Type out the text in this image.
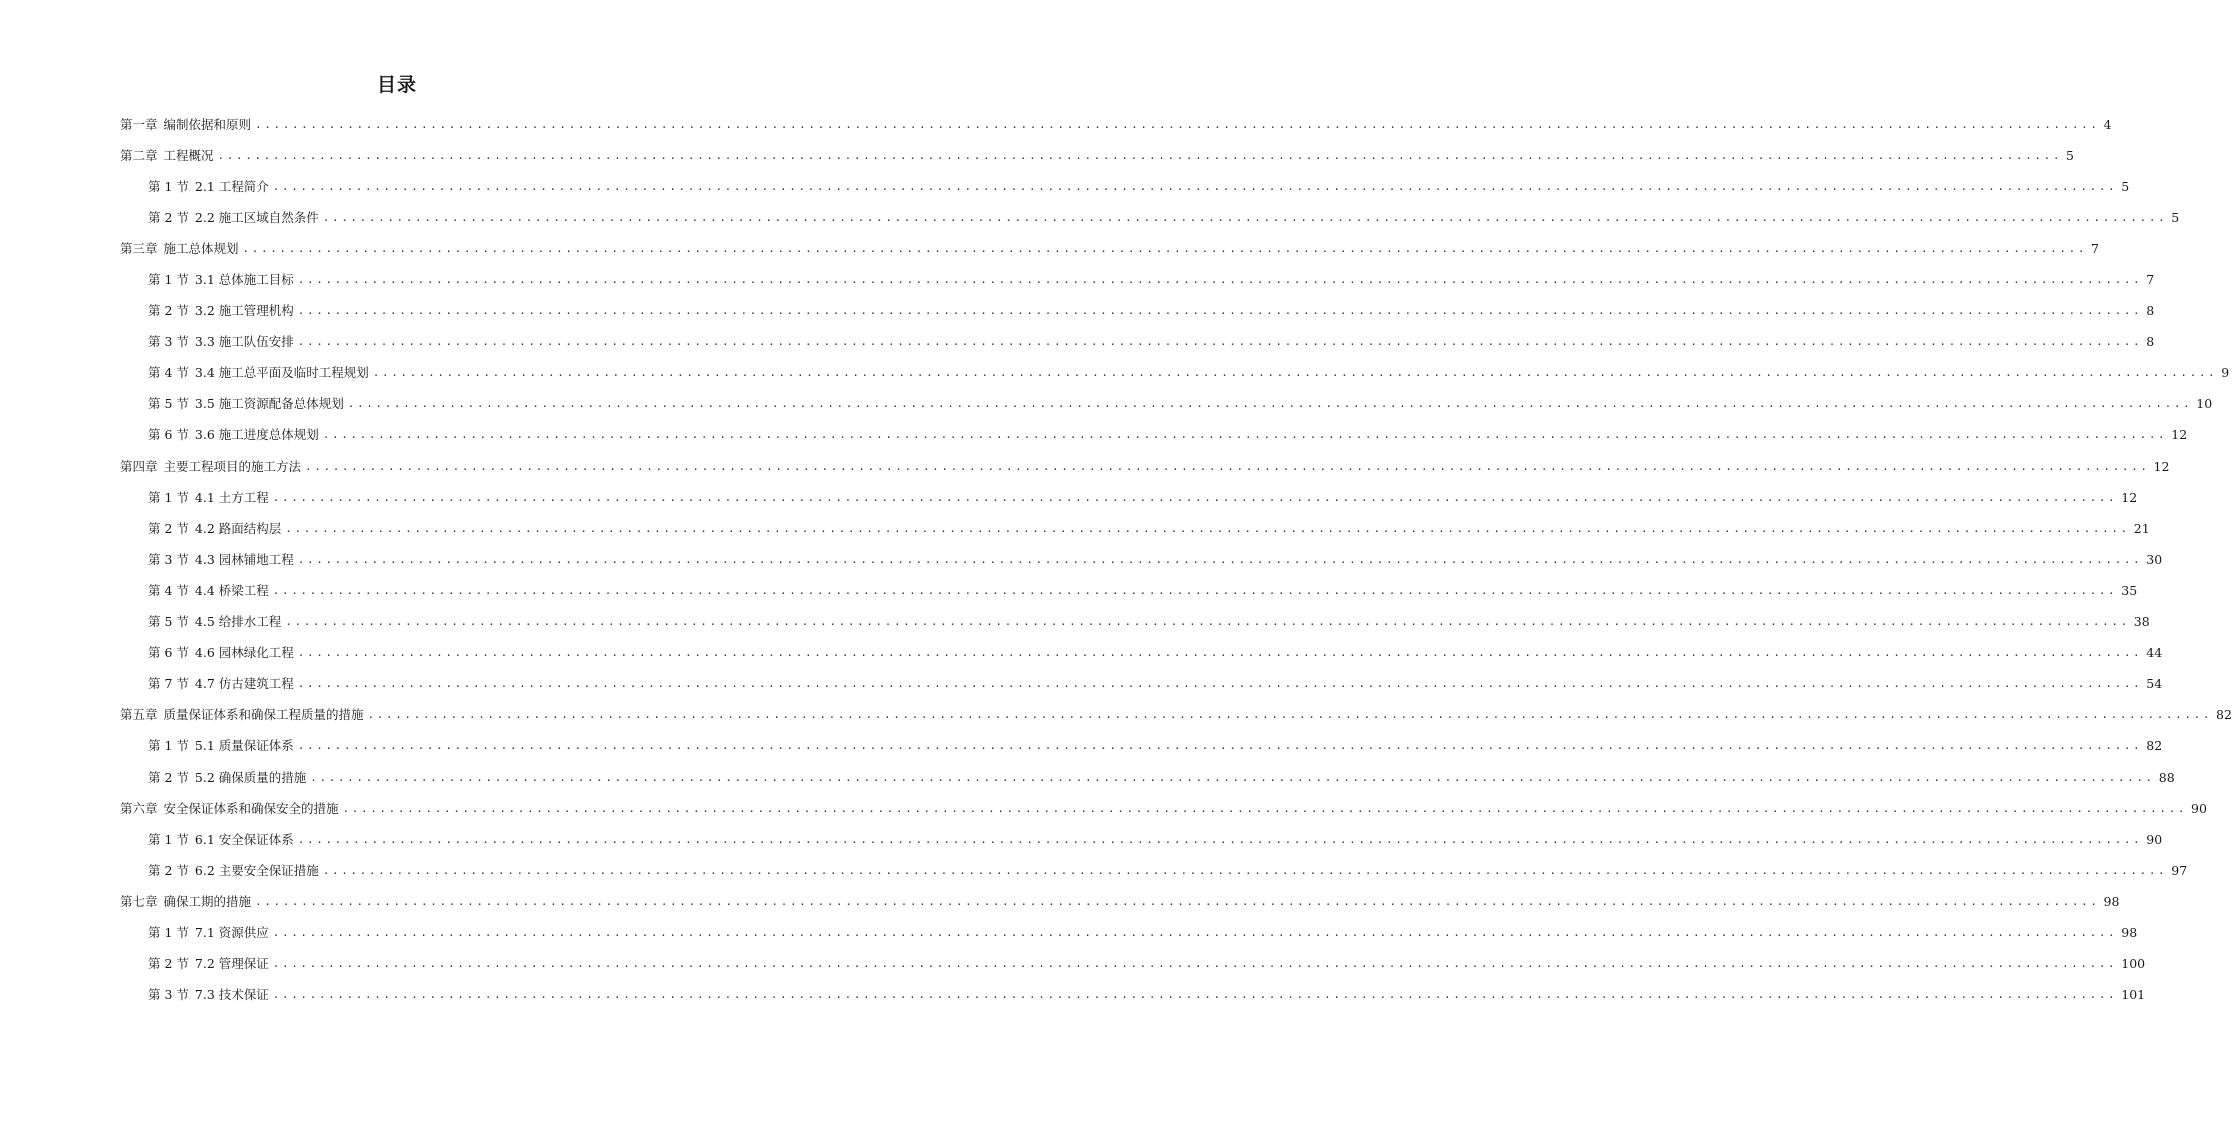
目录
第一章 编制依据和原则 ........................................................................................................................................................................................................ 4
第二章 工程概况 ........................................................................................................................................................................................................ 5
第 1 节 2.1 工程简介 ........................................................................................................................................................................................................ 5
第 2 节 2.2 施工区域自然条件 ........................................................................................................................................................................................................ 5
第三章 施工总体规划 ........................................................................................................................................................................................................ 7
第 1 节 3.1 总体施工目标 ........................................................................................................................................................................................................ 7
第 2 节 3.2 施工管理机构 ........................................................................................................................................................................................................ 8
第 3 节 3.3 施工队伍安排 ........................................................................................................................................................................................................ 8
第 4 节 3.4 施工总平面及临时工程规划 ........................................................................................................................................................................................................ 9
第 5 节 3.5 施工资源配备总体规划 ........................................................................................................................................................................................................ 10
第 6 节 3.6 施工进度总体规划 ........................................................................................................................................................................................................ 12
第四章 主要工程项目的施工方法 ........................................................................................................................................................................................................ 12
第 1 节 4.1 土方工程 ........................................................................................................................................................................................................ 12
第 2 节 4.2 路面结构层 ........................................................................................................................................................................................................ 21
第 3 节 4.3 园林铺地工程 ........................................................................................................................................................................................................ 30
第 4 节 4.4 桥梁工程 ........................................................................................................................................................................................................ 35
第 5 节 4.5 给排水工程 ........................................................................................................................................................................................................ 38
第 6 节 4.6 园林绿化工程 ........................................................................................................................................................................................................ 44
第 7 节 4.7 仿古建筑工程 ........................................................................................................................................................................................................ 54
第五章 质量保证体系和确保工程质量的措施 ........................................................................................................................................................................................................ 82
第 1 节 5.1 质量保证体系 ........................................................................................................................................................................................................ 82
第 2 节 5.2 确保质量的措施 ........................................................................................................................................................................................................ 88
第六章 安全保证体系和确保安全的措施 ........................................................................................................................................................................................................ 90
第 1 节 6.1 安全保证体系 ........................................................................................................................................................................................................ 90
第 2 节 6.2 主要安全保证措施 ........................................................................................................................................................................................................ 97
第七章 确保工期的措施 ........................................................................................................................................................................................................ 98
第 1 节 7.1 资源供应 ........................................................................................................................................................................................................ 98
第 2 节 7.2 管理保证 ........................................................................................................................................................................................................ 100
第 3 节 7.3 技术保证 ........................................................................................................................................................................................................ 101
